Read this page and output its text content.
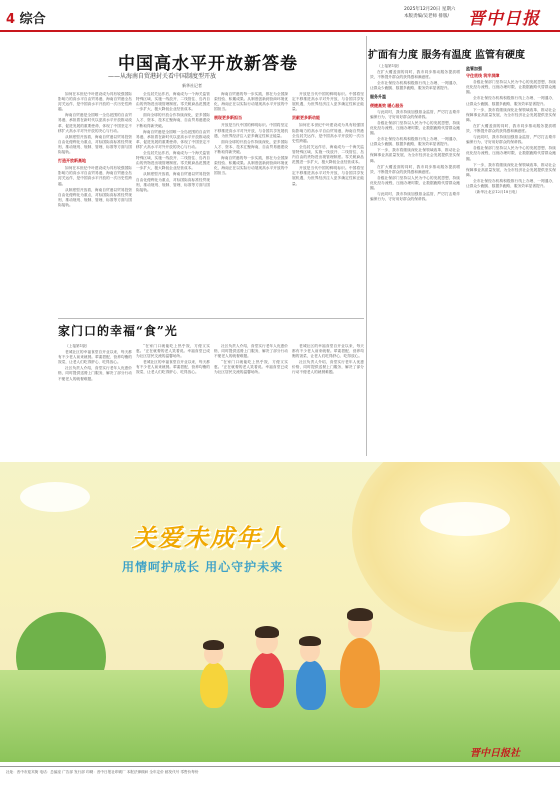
4 综合
2025年12月20日 星期六
本版责编/吴老师 排版/	晋中日报
中国高水平开放新答卷
——从海南自贸港封关看中国制度型开放
新华社记者

如何在本世纪中叶建设成为具有较强国际影响力的高水平自由贸易港，海南自贸港全岛封关运作，是中国高水平开放的一次历史性跨越。

海南自贸港是全国唯一全岛范围的自由贸易港，承担着在新时代以更高水平开放推动改革、促进发展的重要使命，体现了中国坚定不移扩大高水平对外开放的决心与行动。

从制度型开放看，海南自贸港以贸易投资自由化便利化为重点，对标国际高标准经贸规则，推动规则、规制、管理、标准等方面与国际接轨。

打造开放新高地

如何在本世纪中叶建设成为具有较强国际影响力的高水平自由贸易港，海南自贸港全岛封关运作，是中国高水平开放的一次历史性跨越。

从制度型开放看，海南自贸港以贸易投资自由化便利化为重点，对标国际高标准经贸规则，推动规则、规制、管理、标准等方面与国际接轨。

全岛封关运作后，海南成为一个海关监管特殊区域，实施一线放开、二线管住、岛内自由的货物进出境管理制度。零关税商品范围进一步扩大，极大降低企业经营成本。

面向全球的开放合作持续深化，更多国际人才、资本、技术汇聚海南，自由贸易港建设不断取得新突破。

海南自贸港是全国唯一全岛范围的自由贸易港，承担着在新时代以更高水平开放推动改革、促进发展的重要使命，体现了中国坚定不移扩大高水平对外开放的决心与行动。

全岛封关运作后，海南成为一个海关监管特殊区域，实施一线放开、二线管住、岛内自由的货物进出境管理制度。零关税商品范围进一步扩大，极大降低企业经营成本。

从制度型开放看，海南自贸港以贸易投资自由化便利化为重点，对标国际高标准经贸规则，推动规则、规制、管理、标准等方面与国际接轨。

海南自贸港的每一步实践，都在为全国探索经验、积累成果。从制度创新到营商环境优化，海南正在以实际行动展现高水平开放的中国担当。

展现更多新担当

开放是当代中国的鲜明标识。中国将坚定不移推进高水平对外开放，与各国共享发展机遇，为世界经济注入更多确定性和正能量。

面向全球的开放合作持续深化，更多国际人才、资本、技术汇聚海南，自由贸易港建设不断取得新突破。

海南自贸港的每一步实践，都在为全国探索经验、积累成果。从制度创新到营商环境优化，海南正在以实际行动展现高水平开放的中国担当。

开放是当代中国的鲜明标识。中国将坚定不移推进高水平对外开放，与各国共享发展机遇，为世界经济注入更多确定性和正能量。

贡献更多新动能

如何在本世纪中叶建设成为具有较强国际影响力的高水平自由贸易港，海南自贸港全岛封关运作，是中国高水平开放的一次历史性跨越。

全岛封关运作后，海南成为一个海关监管特殊区域，实施一线放开、二线管住、岛内自由的货物进出境管理制度。零关税商品范围进一步扩大，极大降低企业经营成本。

开放是当代中国的鲜明标识。中国将坚定不移推进高水平对外开放，与各国共享发展机遇，为世界经济注入更多确定性和正能量。

扩面有力度 服务有温度 监管有硬度

（上接第1版）

在扩大覆盖面的同时，我市同步推动服务提质增效，不断提升群众的获得感和满意度。

全市社保经办机构积极推行线上办理、一网通办，让群众少跑腿、数据多跑路，服务效率显著提升。

服务升温
便捷高效 暖心服务

与此同时，我市持续加强基金监管，严厉打击欺诈骗保行为，守好用好群众的保命钱。

各级社保部门坚持以人民为中心的发展思想，持续优化经办流程，压缩办理时限，让数据跑路代替群众跑腿。

全市社保经办机构积极推行线上办理、一网通办，让群众少跑腿、数据多跑路，服务效率显著提升。

下一步，我市将继续深化社保领域改革，推动社会保障事业高质量发展，为全市经济社会发展提供坚实保障。

在扩大覆盖面的同时，我市同步推动服务提质增效，不断提升群众的获得感和满意度。

各级社保部门坚持以人民为中心的发展思想，持续优化经办流程，压缩办理时限，让数据跑路代替群众跑腿。

与此同时，我市持续加强基金监管，严厉打击欺诈骗保行为，守好用好群众的保命钱。

监管加强
守住底线 筑牢屏障

各级社保部门坚持以人民为中心的发展思想，持续优化经办流程，压缩办理时限，让数据跑路代替群众跑腿。

全市社保经办机构积极推行线上办理、一网通办，让群众少跑腿、数据多跑路，服务效率显著提升。

下一步，我市将继续深化社保领域改革，推动社会保障事业高质量发展，为全市经济社会发展提供坚实保障。

在扩大覆盖面的同时，我市同步推动服务提质增效，不断提升群众的获得感和满意度。

与此同时，我市持续加强基金监管，严厉打击欺诈骗保行为，守好用好群众的保命钱。

各级社保部门坚持以人民为中心的发展思想，持续优化经办流程，压缩办理时限，让数据跑路代替群众跑腿。

下一步，我市将继续深化社保领域改革，推动社会保障事业高质量发展，为全市经济社会发展提供坚实保障。

全市社保经办机构积极推行线上办理、一网通办，让群众少跑腿、数据多跑路，服务效率显著提升。

（新华社北京12月18日电）

家门口的幸福“食”光

（上接第1版）

老城社区的幸福食堂自开业以来，每天都有不少老人前来就餐。荤素搭配、营养均衡的饭菜，让老人们吃得舒心、吃得放心。

社区负责人介绍，食堂实行老年人优惠价格，同时提供送餐上门服务，解决了部分行动不便老人的就餐难题。

“在家门口就能吃上热乎饭，方便又实惠。”正在就餐的老人笑着说。幸福食堂已成为社区居民交流的温馨场所。

老城社区的幸福食堂自开业以来，每天都有不少老人前来就餐。荤素搭配、营养均衡的饭菜，让老人们吃得舒心、吃得放心。

社区负责人介绍，食堂实行老年人优惠价格，同时提供送餐上门服务，解决了部分行动不便老人的就餐难题。

“在家门口就能吃上热乎饭，方便又实惠。”正在就餐的老人笑着说。幸福食堂已成为社区居民交流的温馨场所。

老城社区的幸福食堂自开业以来，每天都有不少老人前来就餐。荤素搭配、营养均衡的饭菜，让老人们吃得舒心、吃得放心。

社区负责人介绍，食堂实行老年人优惠价格，同时提供送餐上门服务，解决了部分行动不便老人的就餐难题。

关爱未成年人
用情呵护成长 用心守护未来
晋中日报社
社址：晋中市迎宾街 电话：总编室 广告部 发行部 印刷：晋中日报社印刷厂 本报法律顾问 全年定价 邮发代号 零售价每份
